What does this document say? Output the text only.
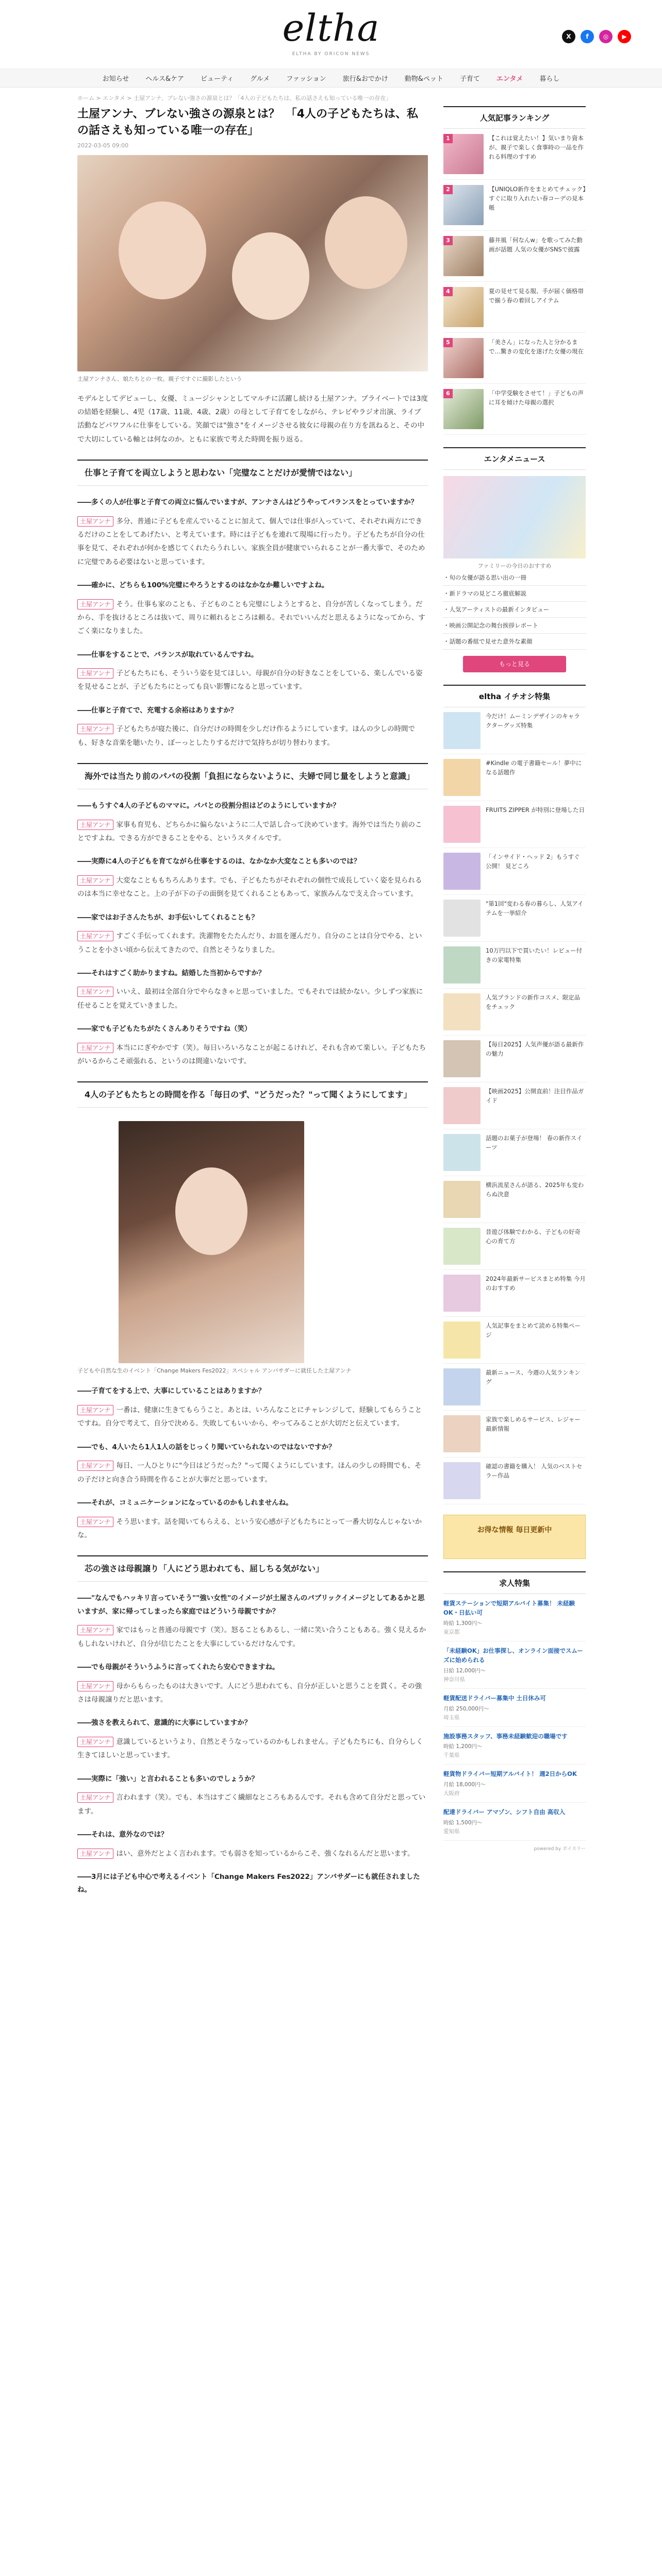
eltha
ELTHA BY ORICON NEWS
X	f	◎	▶
お知らせ	ヘルス&ケア	ビューティ	グルメ	ファッション	旅行&おでかけ	動物&ペット	子育て	エンタメ	暮らし
ホーム > エンタメ > 土屋アンナ、ブレない強さの源泉とは？「4人の子どもたちは、私の話さえも知っている唯一の存在」
土屋アンナ、ブレない強さの源泉とは？　「4人の子どもたちは、私の話さえも知っている唯一の存在」
2022-03-05 09:00
土屋アンナさん、娘たちとの一枚。親子ですぐに撮影したという

モデルとしてデビューし、女優、ミュージシャンとしてマルチに活躍し続ける土屋アンナ。プライベートでは3度の結婚を経験し、4児（17歳、11歳、4歳、2歳）の母として子育てをしながら、テレビやラジオ出演、ライブ活動などパワフルに仕事をしている。笑顔では"強さ"をイメージさせる彼女に母親の在り方を訊ねると、その中で大切にしている軸とは何なのか。ともに家族で考えた時間を振り返る。

仕事と子育てを両立しようと思わない「完璧なことだけが愛情ではない」

――多くの人が仕事と子育ての両立に悩んでいますが、アンナさんはどうやってバランスをとっていますか？

土屋アンナ 多分、普通に子どもを産んでいることに加えて、個人では仕事が入っていて、それぞれ両方にできるだけのことをしてあげたい、と考えています。時には子どもを連れて現場に行ったり。子どもたちが自分の仕事を見て、それぞれが何かを感じてくれたらうれしい。家族全員が健康でいられることが一番大事で、そのために完璧である必要はないと思っています。

――確かに、どちらも100%完璧にやろうとするのはなかなか難しいですよね。

土屋アンナ そう。仕事も家のことも、子どものことも完璧にしようとすると、自分が苦しくなってしまう。だから、手を抜けるところは抜いて、周りに頼れるところは頼る。それでいいんだと思えるようになってから、すごく楽になりました。

――仕事をすることで、バランスが取れているんですね。

土屋アンナ 子どもたちにも、そういう姿を見てほしい。母親が自分の好きなことをしている、楽しんでいる姿を見せることが、子どもたちにとっても良い影響になると思っています。

――仕事と子育てで、充電する余裕はありますか？

土屋アンナ 子どもたちが寝た後に、自分だけの時間を少しだけ作るようにしています。ほんの少しの時間でも、好きな音楽を聴いたり、ぼーっとしたりするだけで気持ちが切り替わります。

海外では当たり前のパパの役割「負担にならないように、夫婦で同じ量をしようと意識」

――もうすぐ4人の子どものママに。パパとの役割分担はどのようにしていますか？

土屋アンナ 家事も育児も、どちらかに偏らないように二人で話し合って決めています。海外では当たり前のことですよね。できる方ができることをやる、というスタイルです。

――実際に4人の子どもを育てながら仕事をするのは、なかなか大変なことも多いのでは？

土屋アンナ 大変なことももちろんあります。でも、子どもたちがそれぞれの個性で成長していく姿を見られるのは本当に幸せなこと。上の子が下の子の面倒を見てくれることもあって、家族みんなで支え合っています。

――家ではお子さんたちが、お手伝いしてくれることも？

土屋アンナ すごく手伝ってくれます。洗濯物をたたんだり、お皿を運んだり。自分のことは自分でやる、ということを小さい頃から伝えてきたので、自然とそうなりました。

――それはすごく助かりますね。結婚した当初からですか？

土屋アンナ いいえ、最初は全部自分でやらなきゃと思っていました。でもそれでは続かない。少しずつ家族に任せることを覚えていきました。

――家でも子どもたちがたくさんありそうですね（笑）

土屋アンナ 本当ににぎやかです（笑）。毎日いろいろなことが起こるけれど、それも含めて楽しい。子どもたちがいるからこそ頑張れる、というのは間違いないです。

4人の子どもたちとの時間を作る「毎日のず、"どうだった？"って聞くようにしてます」
子どもや自然な生のイベント「Change Makers Fes2022」スペシャル アンバサダーに就任した土屋アンナ

――子育てをする上で、大事にしていることはありますか？

土屋アンナ 一番は、健康に生きてもらうこと。あとは、いろんなことにチャレンジして、経験してもらうことですね。自分で考えて、自分で決める。失敗してもいいから、やってみることが大切だと伝えています。

――でも、4人いたら1人1人の話をじっくり聞いていられないのではないですか？

土屋アンナ 毎日、一人ひとりに"今日はどうだった？"って聞くようにしています。ほんの少しの時間でも、その子だけと向き合う時間を作ることが大事だと思っています。

――それが、コミュニケーションになっているのかもしれませんね。

土屋アンナ そう思います。話を聞いてもらえる、という安心感が子どもたちにとって一番大切なんじゃないかな。

芯の強さは母親譲り「人にどう思われても、屈しちる気がない」

――"なんでもハッキリ言っていそう""強い女性"のイメージが土屋さんのパブリックイメージとしてあるかと思いますが、家に帰ってしまったら家庭ではどういう母親ですか？

土屋アンナ 家ではもっと普通の母親です（笑）。怒ることもあるし、一緒に笑い合うこともある。強く見えるかもしれないけれど、自分が信じたことを大事にしているだけなんです。

――でも母親がそういうふうに言ってくれたら安心できますね。

土屋アンナ 母からもらったものは大きいです。人にどう思われても、自分が正しいと思うことを貫く。その強さは母親譲りだと思います。

――強さを教えられて、意識的に大事にしていますか？

土屋アンナ 意識しているというより、自然とそうなっているのかもしれません。子どもたちにも、自分らしく生きてほしいと思っています。

――実際に「強い」と言われることも多いのでしょうか？

土屋アンナ 言われます（笑）。でも、本当はすごく繊細なところもあるんです。それも含めて自分だと思っています。

――それは、意外なのでは？

土屋アンナ はい、意外だとよく言われます。でも弱さを知っているからこそ、強くなれるんだと思います。

――3月には子ども中心で考えるイベント「Change Makers Fes2022」アンバサダーにも就任されましたね。

人気記事ランキング
1	【これは覚えたい！】気いまり資本が、親子で楽しく食事時の一品を作れる料理のすすめ
2	【UNIQLO新作をまとめてチェック】すぐに取り入れたい春コーデの見本帳
3	藤井風「何なんw」を歌ってみた動画が話題 人気の女優がSNSで披露
4	夏の見せて見る服、手が届く価格帯で揃う春の着回しアイテム
5	「美さん」になった人と分かるまで…驚きの変化を遂げた女優の現在
6	「中学受験をさせて！」子どもの声に耳を傾けた母親の選択
エンタメニュース
ファミリーの今日のおすすめ
・旬の女優が語る思い出の一冊
・新ドラマの見どころ徹底解説
・人気アーティストの最新インタビュー
・映画公開記念の舞台挨拶レポート
・話題の番組で見せた意外な素顔
もっと見る
eltha イチオシ特集
今だけ！ムーミンデザインのキャラクターグッズ特集
#Kindle の電子書籍セール！夢中になる話題作
FRUITS ZIPPER が特別に登場した日
「インサイド・ヘッド 2」もうすぐ公開！ 見どころ
"第1回"変わる春の暮らし、人気アイテムを一挙紹介
10万円以下で買いたい！レビュー付きの家電特集
人気ブランドの新作コスメ、限定品をチェック
【毎日2025】人気声優が語る最新作の魅力
【映画2025】公開直前！注目作品ガイド
話題のお菓子が登場！ 春の新作スイーツ
横浜流星さんが語る、2025年も変わらぬ決意
昔遊び体験でわかる、子どもの好奇心の育て方
2024年最新サービスまとめ特集 今月のおすすめ
人気記事をまとめて読める特集ページ
最新ニュース、今週の人気ランキング
家族で楽しめるサービス、レジャー最新情報
確認の書籍を購入！ 人気のベストセラー作品
お得な情報 毎日更新中
求人特集
軽貨ステーションで短期アルバイト募集！ 未経験OK・日払い可
時給 1,300円〜
東京都
「未経験OK」お仕事探し、オンライン面接でスムーズに始められる
日給 12,000円〜
神奈川県
軽貨配送ドライバー募集中 土日休み可
月給 250,000円〜
埼玉県
施設事務スタッフ、事務未経験歓迎の職場です
時給 1,200円〜
千葉県
軽貨物ドライバー短期アルバイト！ 週2日からOK
月給 18,000円〜
大阪府
配達ドライバー アマゾン、シフト自由 高収入
時給 1,500円〜
愛知県
powered by ボイスリー
